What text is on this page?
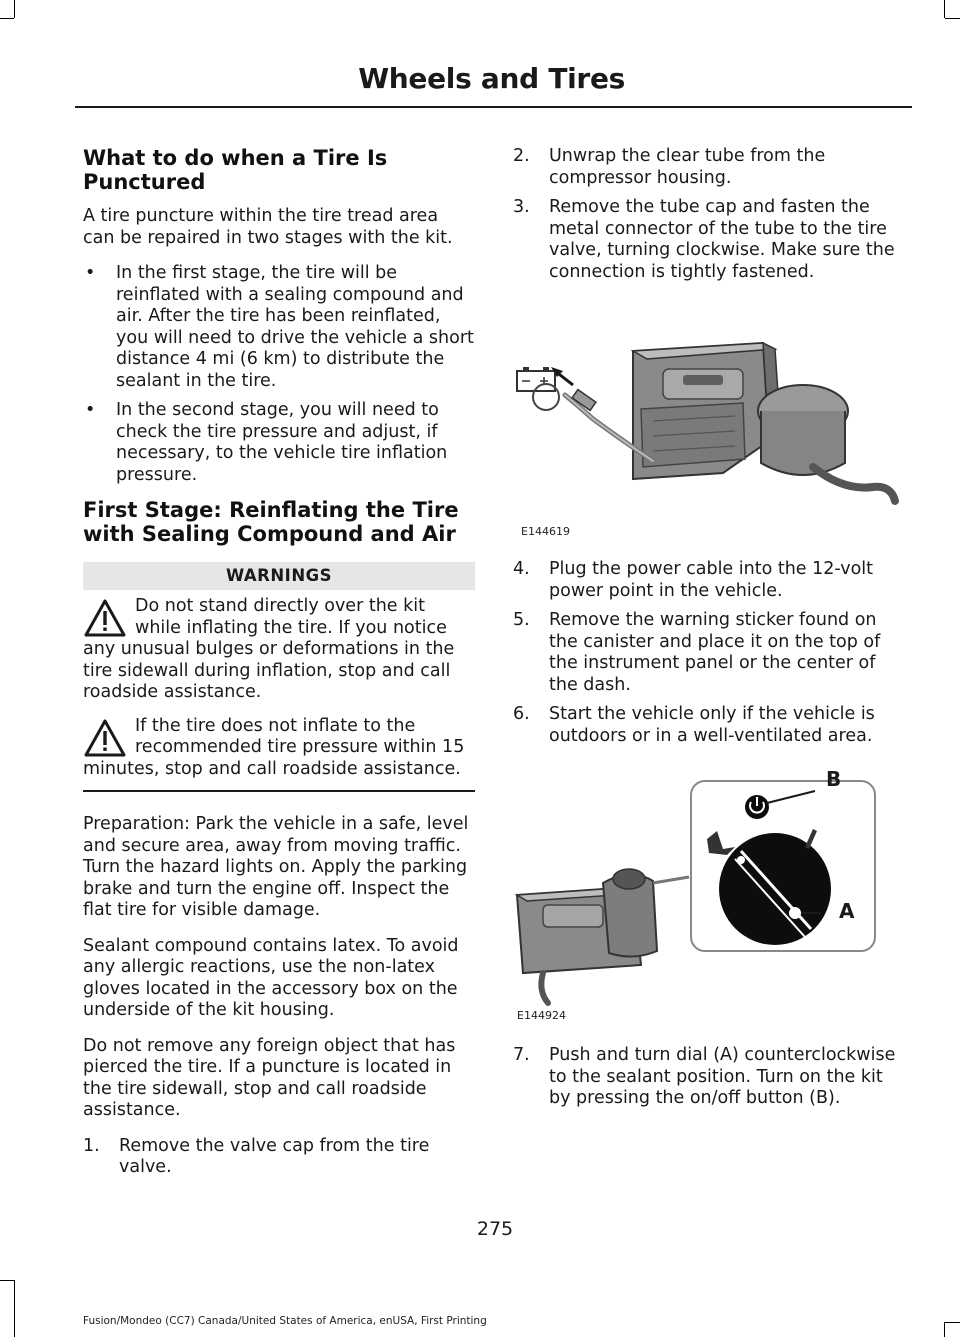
Wheels and Tires
What to do when a Tire Is Punctured

A tire puncture within the tire tread area can be repaired in two stages with the kit.

• In the first stage, the tire will be reinflated with a sealing compound and air. After the tire has been reinflated, you will need to drive the vehicle a short distance 4 mi (6 km) to distribute the sealant in the tire.
• In the second stage, you will need to check the tire pressure and adjust, if necessary, to the vehicle tire inflation pressure.
First Stage: Reinflating the Tire with Sealing Compound and Air
WARNINGS
Do not stand directly over the kit while inflating the tire. If you notice any unusual bulges or deformations in the tire sidewall during inflation, stop and call roadside assistance.
If the tire does not inflate to the recommended tire pressure within 15 minutes, stop and call roadside assistance.

Preparation: Park the vehicle in a safe, level and secure area, away from moving traffic. Turn the hazard lights on. Apply the parking brake and turn the engine off. Inspect the flat tire for visible damage.

Sealant compound contains latex. To avoid any allergic reactions, use the non-latex gloves located in the accessory box on the underside of the kit housing.

Do not remove any foreign object that has pierced the tire. If a puncture is located in the tire sidewall, stop and call roadside assistance.

1. Remove the valve cap from the tire valve.
2. Unwrap the clear tube from the compressor housing.
3. Remove the tube cap and fasten the metal connector of the tube to the tire valve, turning clockwise. Make sure the connection is tightly fastened.
E144619
4. Plug the power cable into the 12-volt power point in the vehicle.
5. Remove the warning sticker found on the canister and place it on the top of the instrument panel or the center of the dash.
6. Start the vehicle only if the vehicle is outdoors or in a well-ventilated area.
B
A
E144924
7. Push and turn dial (A) counterclockwise to the sealant position. Turn on the kit by pressing the on/off button (B).
275
Fusion/Mondeo (CC7) Canada/United States of America, enUSA, First Printing
